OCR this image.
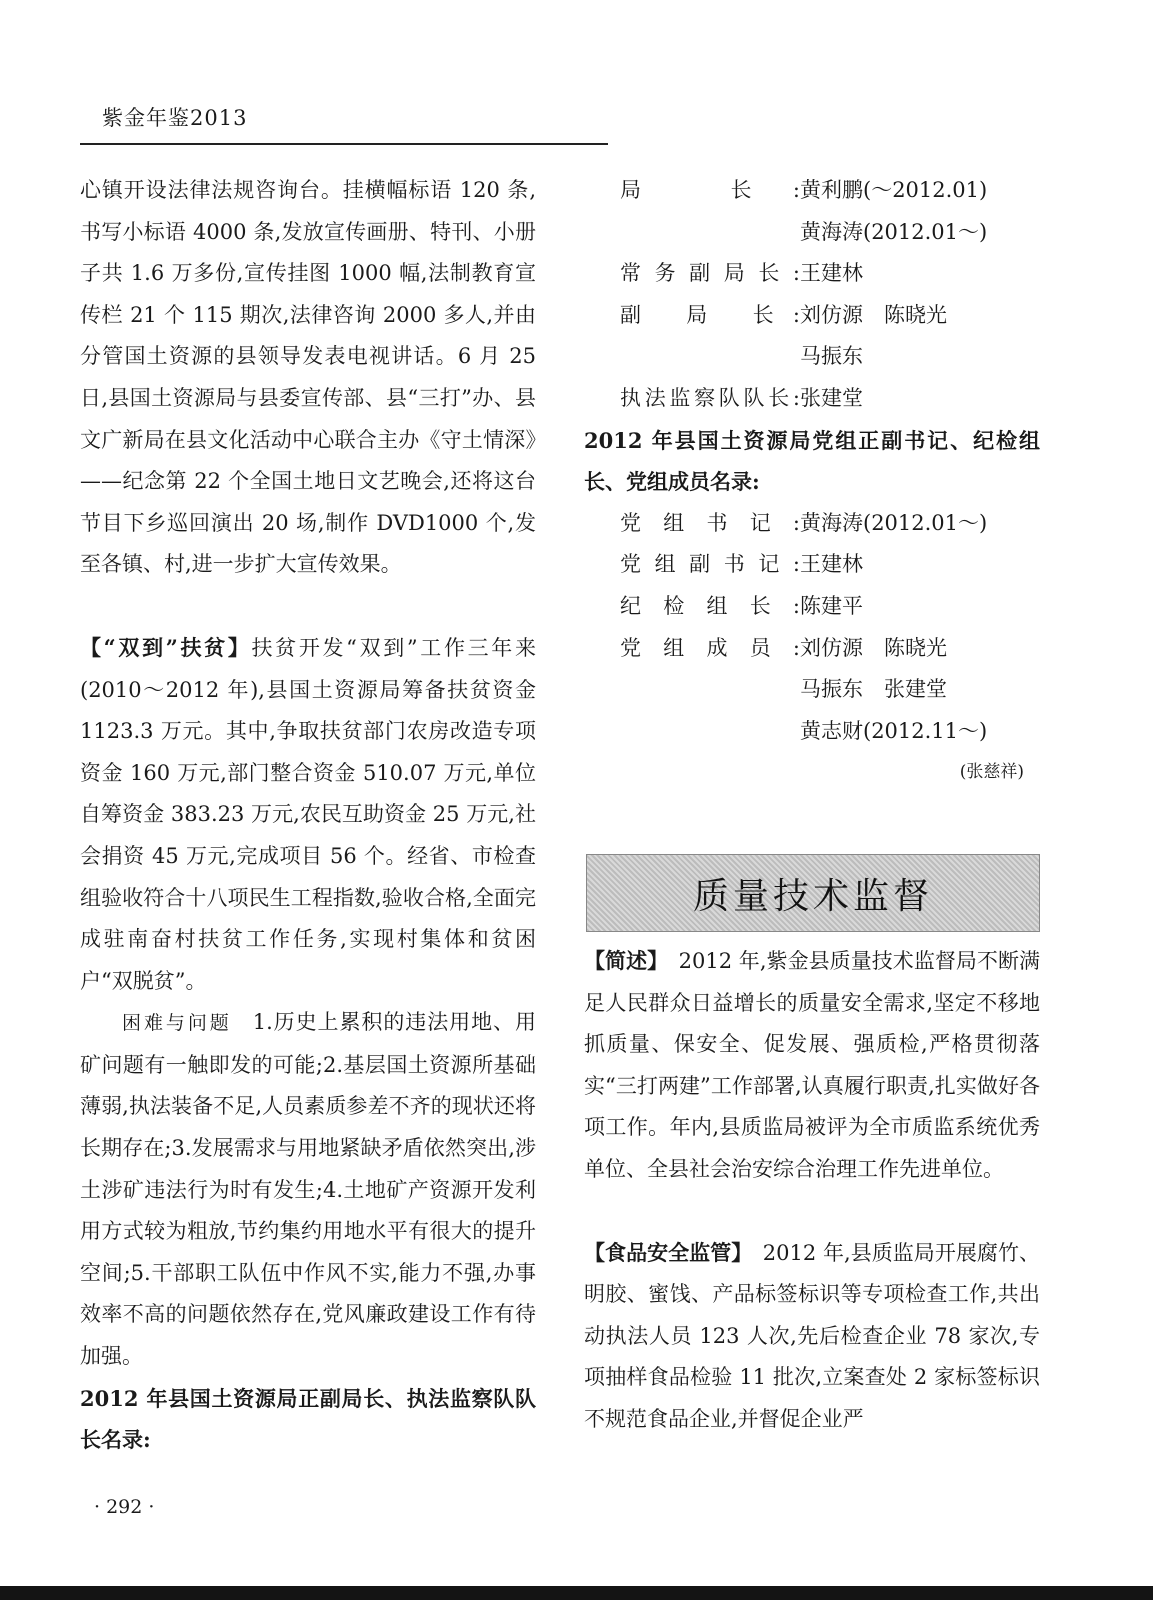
紫金年鉴2013

心镇开设法律法规咨询台。挂横幅标语 120 条,书写小标语 4000 条,发放宣传画册、特刊、小册子共 1.6 万多份,宣传挂图 1000 幅,法制教育宣传栏 21 个 115 期次,法律咨询 2000 多人,并由分管国土资源的县领导发表电视讲话。6 月 25 日,县国土资源局与县委宣传部、县“三打”办、县文广新局在县文化活动中心联合主办《守土情深》——纪念第 22 个全国土地日文艺晚会,还将这台节目下乡巡回演出 20 场,制作 DVD1000 个,发至各镇、村,进一步扩大宣传效果。

【“双到”扶贫】扶贫开发“双到”工作三年来(2010～2012 年),县国土资源局筹备扶贫资金 1123.3 万元。其中,争取扶贫部门农房改造专项资金 160 万元,部门整合资金 510.07 万元,单位自筹资金 383.23 万元,农民互助资金 25 万元,社会捐资 45 万元,完成项目 56 个。经省、市检查组验收符合十八项民生工程指数,验收合格,全面完成驻南奋村扶贫工作任务,实现村集体和贫困户“双脱贫”。

困难与问题  1.历史上累积的违法用地、用矿问题有一触即发的可能;2.基层国土资源所基础薄弱,执法装备不足,人员素质参差不齐的现状还将长期存在;3.发展需求与用地紧缺矛盾依然突出,涉土涉矿违法行为时有发生;4.土地矿产资源开发利用方式较为粗放,节约集约用地水平有很大的提升空间;5.干部职工队伍中作风不实,能力不强,办事效率不高的问题依然存在,党风廉政建设工作有待加强。

2012 年县国土资源局正副局长、执法监察队队长名录:

局 长: 黄利鹏(～2012.01)
黄海涛(2012.01～)
常务副局长: 王建林
副 局 长: 刘仿源　陈晓光
马振东
执法监察队队长: 张建堂

2012 年县国土资源局党组正副书记、纪检组长、党组成员名录:

党组书记: 黄海涛(2012.01～)
党组副书记: 王建林
纪检组长: 陈建平
党组成员: 刘仿源　陈晓光
马振东　张建堂
黄志财(2012.11～)
(张慈祥)
质量技术监督

【简述】  2012 年,紫金县质量技术监督局不断满足人民群众日益增长的质量安全需求,坚定不移地抓质量、保安全、促发展、强质检,严格贯彻落实“三打两建”工作部署,认真履行职责,扎实做好各项工作。年内,县质监局被评为全市质监系统优秀单位、全县社会治安综合治理工作先进单位。

【食品安全监管】  2012 年,县质监局开展腐竹、明胶、蜜饯、产品标签标识等专项检查工作,共出动执法人员 123 人次,先后检查企业 78 家次,专项抽样食品检验 11 批次,立案查处 2 家标签标识不规范食品企业,并督促企业严

· 292 ·
